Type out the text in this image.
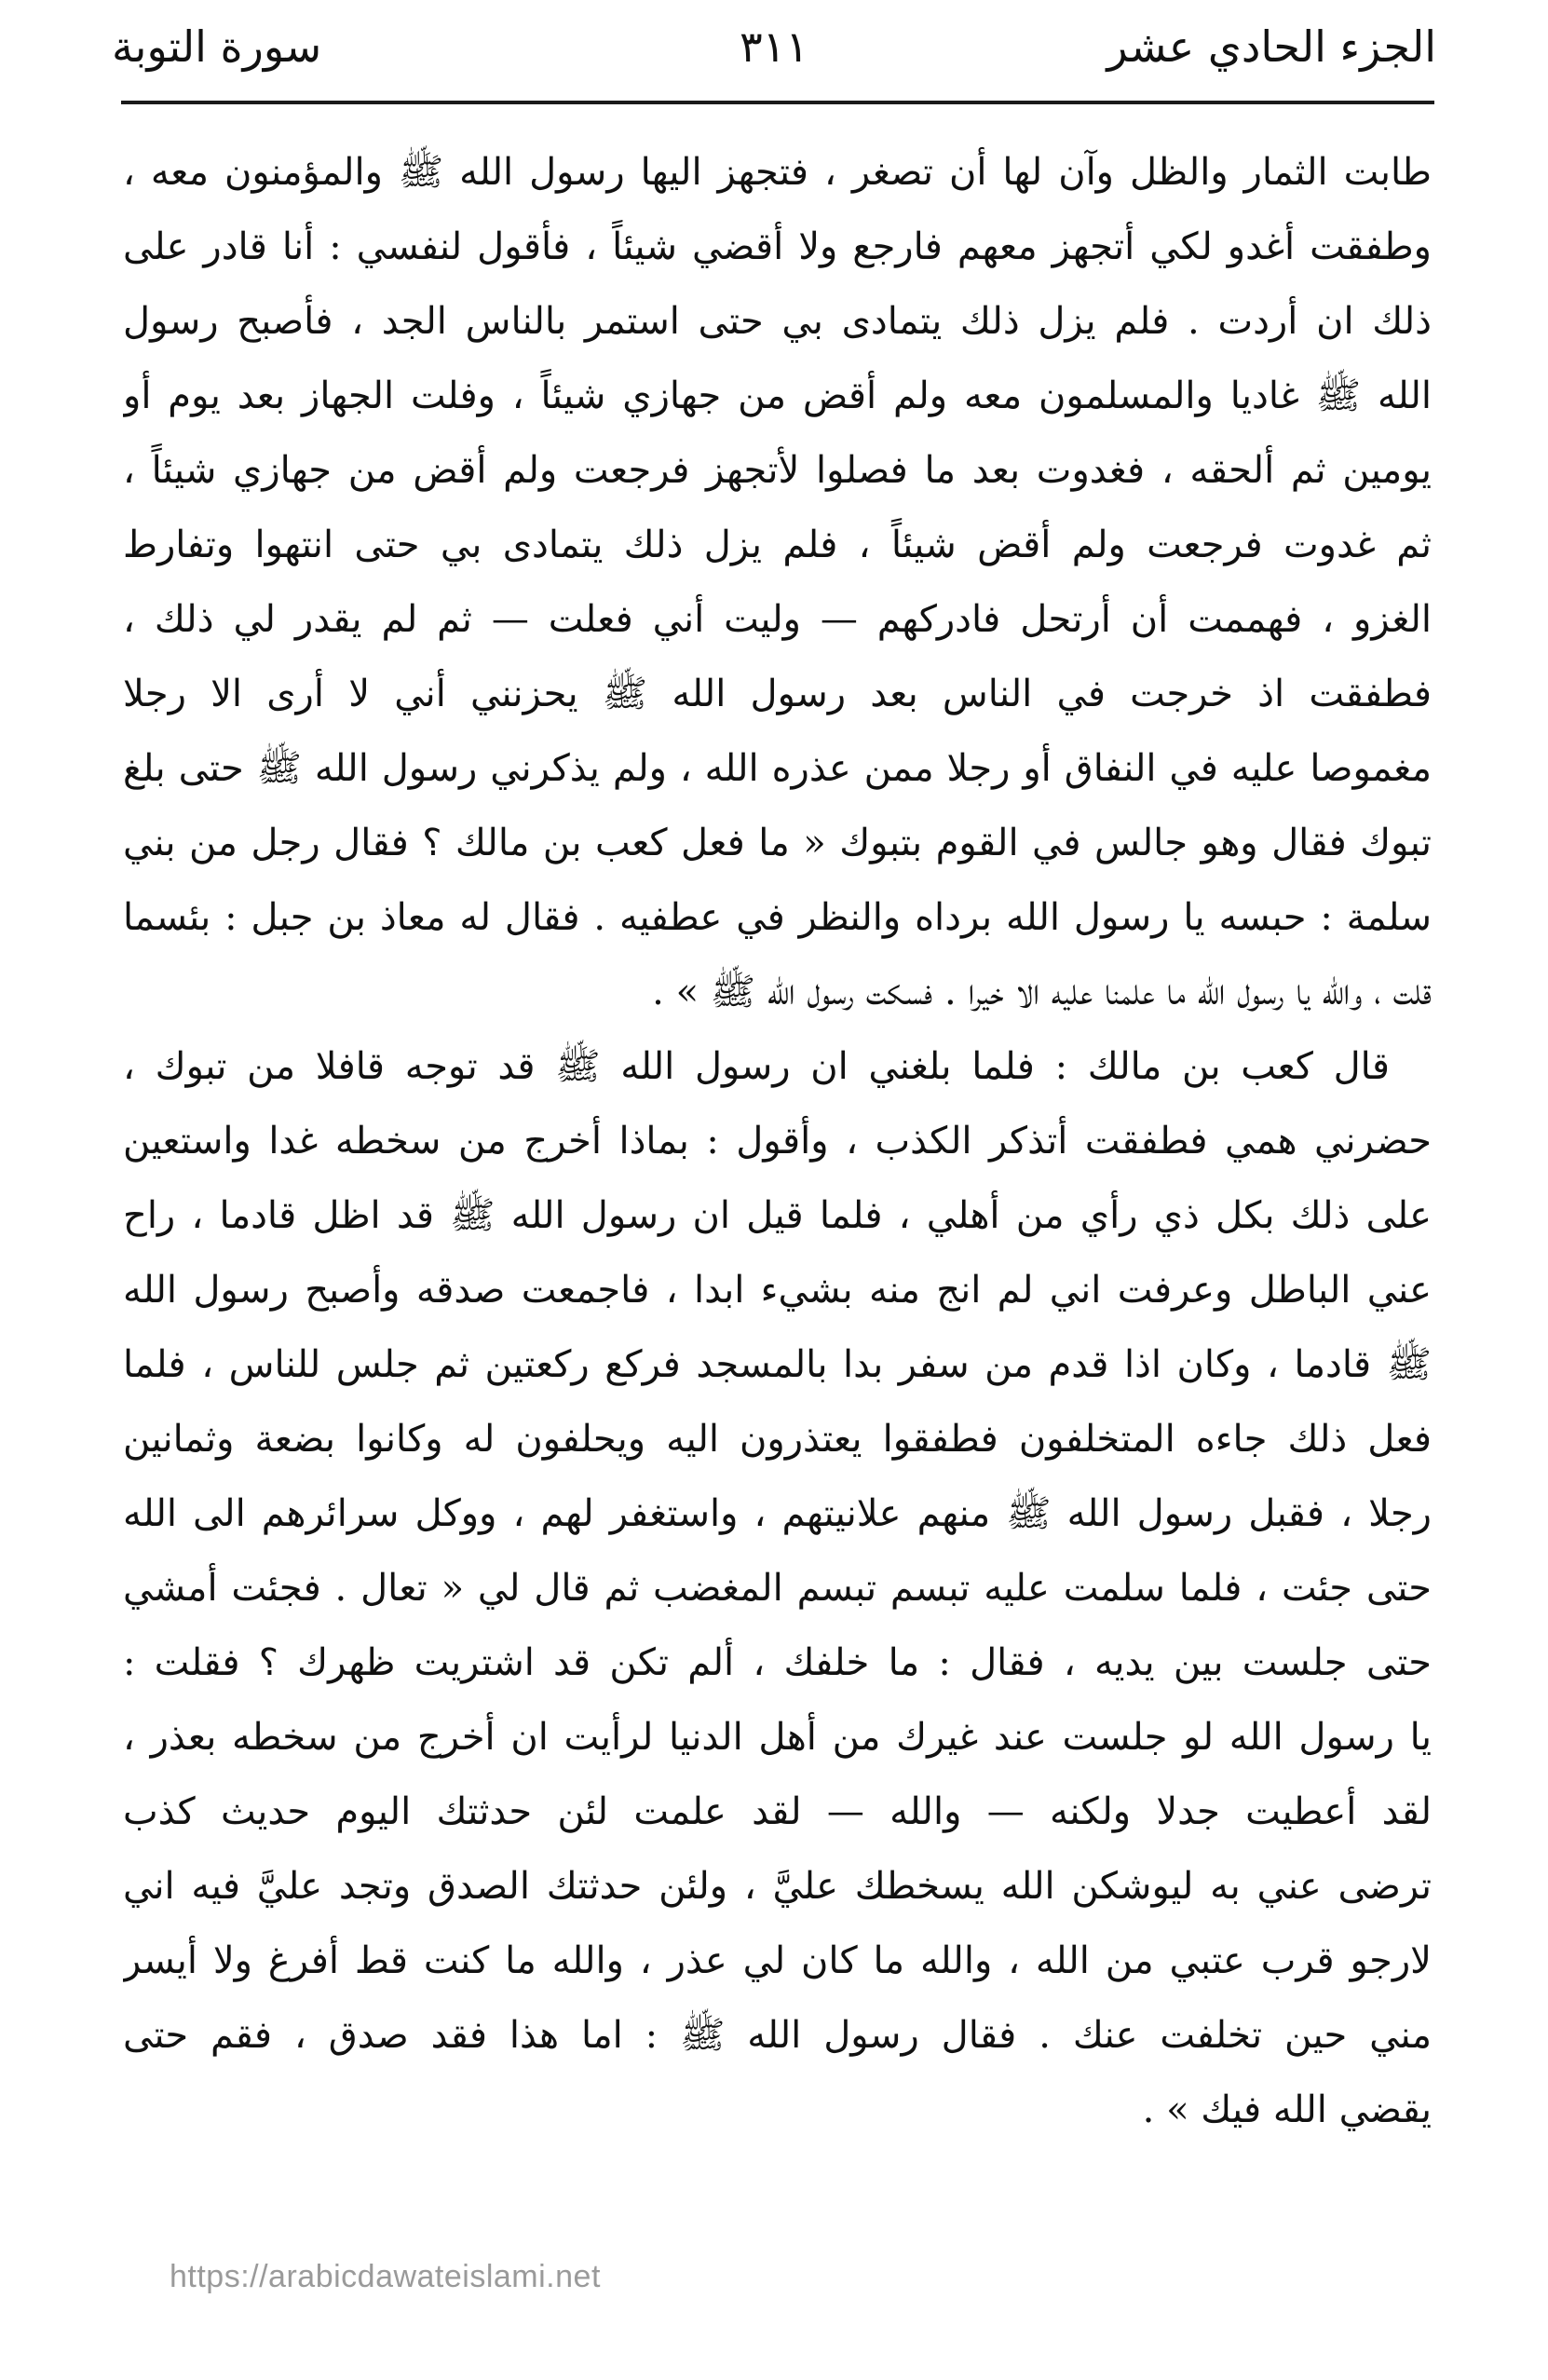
الجزء الحادي عشر
٣١١
سورة التوبة
طابت الثمار والظل وآن لها أن تصغر ، فتجهز اليها رسول الله ﷺ والمؤمنون معه ،
وطفقت أغدو لكي أتجهز معهم فارجع ولا أقضي شيئاً ، فأقول لنفسي : أنا قادر على
ذلك ان أردت . فلم يزل ذلك يتمادى بي حتى استمر بالناس الجد ، فأصبح رسول
الله ﷺ غاديا والمسلمون معه ولم أقض من جهازي شيئاً ، وفلت الجهاز بعد يوم أو
يومين ثم ألحقه ، فغدوت بعد ما فصلوا لأتجهز فرجعت ولم أقض من جهازي شيئاً ،
ثم غدوت فرجعت ولم أقض شيئاً ، فلم يزل ذلك يتمادى بي حتى انتهوا وتفارط
الغزو ، فهممت أن أرتحل فادركهم — وليت أني فعلت — ثم لم يقدر لي ذلك ،
فطفقت اذ خرجت في الناس بعد رسول الله ﷺ يحزنني أني لا أرى الا رجلا
مغموصا عليه في النفاق أو رجلا ممن عذره الله ، ولم يذكرني رسول الله ﷺ حتى بلغ
تبوك فقال وهو جالس في القوم بتبوك « ما فعل كعب بن مالك ؟ فقال رجل من بني
سلمة : حبسه يا رسول الله برداه والنظر في عطفيه . فقال له معاذ بن جبل : بئسما
قلت ، والله يا رسول الله ما علمنا عليه الا خيرا . فسكت رسول الله ﷺ » .
قال كعب بن مالك : فلما بلغني ان رسول الله ﷺ قد توجه قافلا من تبوك ،
حضرني همي فطفقت أتذكر الكذب ، وأقول : بماذا أخرج من سخطه غدا واستعين
على ذلك بكل ذي رأي من أهلي ، فلما قيل ان رسول الله ﷺ قد اظل قادما ، راح
عني الباطل وعرفت اني لم انج منه بشيء ابدا ، فاجمعت صدقه وأصبح رسول الله
ﷺ قادما ، وكان اذا قدم من سفر بدا بالمسجد فركع ركعتين ثم جلس للناس ، فلما
فعل ذلك جاءه المتخلفون فطفقوا يعتذرون اليه ويحلفون له وكانوا بضعة وثمانين
رجلا ، فقبل رسول الله ﷺ منهم علانيتهم ، واستغفر لهم ، ووكل سرائرهم الى الله
حتى جئت ، فلما سلمت عليه تبسم تبسم المغضب ثم قال لي « تعال . فجئت أمشي
حتى جلست بين يديه ، فقال : ما خلفك ، ألم تكن قد اشتريت ظهرك ؟ فقلت :
يا رسول الله لو جلست عند غيرك من أهل الدنيا لرأيت ان أخرج من سخطه بعذر ،
لقد أعطيت جدلا ولكنه — والله — لقد علمت لئن حدثتك اليوم حديث كذب
ترضى عني به ليوشكن الله يسخطك عليَّ ، ولئن حدثتك الصدق وتجد عليَّ فيه اني
لارجو قرب عتبي من الله ، والله ما كان لي عذر ، والله ما كنت قط أفرغ ولا أيسر
مني حين تخلفت عنك . فقال رسول الله ﷺ : اما هذا فقد صدق ، فقم حتى
يقضي الله فيك » .
https://arabicdawateislami.net
